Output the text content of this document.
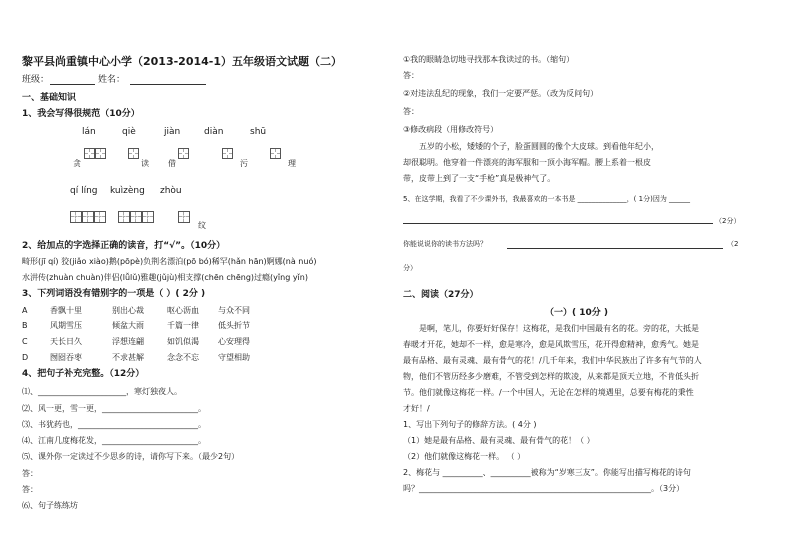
黎平县尚重镇中心小学（2013-2014-1）五年级语文试题（二）
班级：	姓名：
一、基础知识
1、我会写得很规范（10分）
lán	qiè	jiàn	diàn	shū
贪	读 借	污	理
qí líng kuìzèng zhòu
纹
2、给加点的字选择正确的读音，打“√”。（10分）
畸形(jī qí) 狡(jiǎo xiào)鹅(pōpè)负荆名漂泊(pō bó)稀罕(hǎn hān)婀娜(nà nuó)
水汫传(zhuàn chuàn)伴侣(lǚlǔ)雅趣(jǔjù)相支撑(chēn chēng)过瘾(yǐng yǐn)
3、下列词语没有错别字的一项是（ ）( 2分 )
A	香飘十里	别出心裁	呕心沥血 与众不同
B	风期雪压	倾盆大雨	千篇一律 低头折节
C	天长日久	浮想连翩	如饥似渴 心安理得
D	囫囵吞枣	不求甚解	念念不忘 守望相助
4、把句子补充完整。（12分）
⑴、______________________，寒灯独夜人。
⑵、风一更，雪一更，________________________。
⑶、书犹药也，______________________________。
⑷、江南几度梅花发，________________________。
⑸、课外你一定读过不少思乡的诗，请你写下来。（最少2句）
答：
答：
⑹、句子练练坊
①我的眼睛急切地寻找那本我读过的书。（缩句）
答：
②对违法乱纪的现象，我们一定要严惩。（改为反问句）
答：
③修改病段（用修改符号）
五岁的小松，矮矮的个子，脸蛋圆圆的像个大皮球。到看他年纪小，
却很聪明。他穿着一件漂亮的海军服和一顶小海军帽。腰上系着一根皮
带，皮带上到了一支“手枪”真是极神气了。
5、在这学期，我看了不少课外书，我最喜欢的一本书是 ______________，( 1分)因为 ______
（2分）
你能说说你的读书方法吗？	（2
分）
二、阅读（27分）
（一）( 10分 )
是啊，笔儿，你要好好保存！这梅花，是我们中国最有名的花。旁的花，大抵是
春暖才开花，她却不一样，愈是寒冷，愈是风欺雪压，花开得愈精神，愈秀气。她是
最有品格、最有灵魂、最有骨气的花！/几千年来，我们中华民族出了许多有气节的人
物，他们不管历经多少磨难，不管受到怎样的欺凌，从来都是顶天立地，不肯低头折
节。他们就像这梅花一样。/一个中国人，无论在怎样的境遇里，总要有梅花的秉性
才好！/
1、写出下列句子的修辞方法。( 4分 )
（1）她是最有品格、最有灵魂、最有骨气的花！（ ）
（2）他们就像这梅花一样。 （ ）
2、梅花与 __________、__________被称为“岁寒三友”。你能写出描写梅花的诗句
吗？__________________________________________________________。（3分）
